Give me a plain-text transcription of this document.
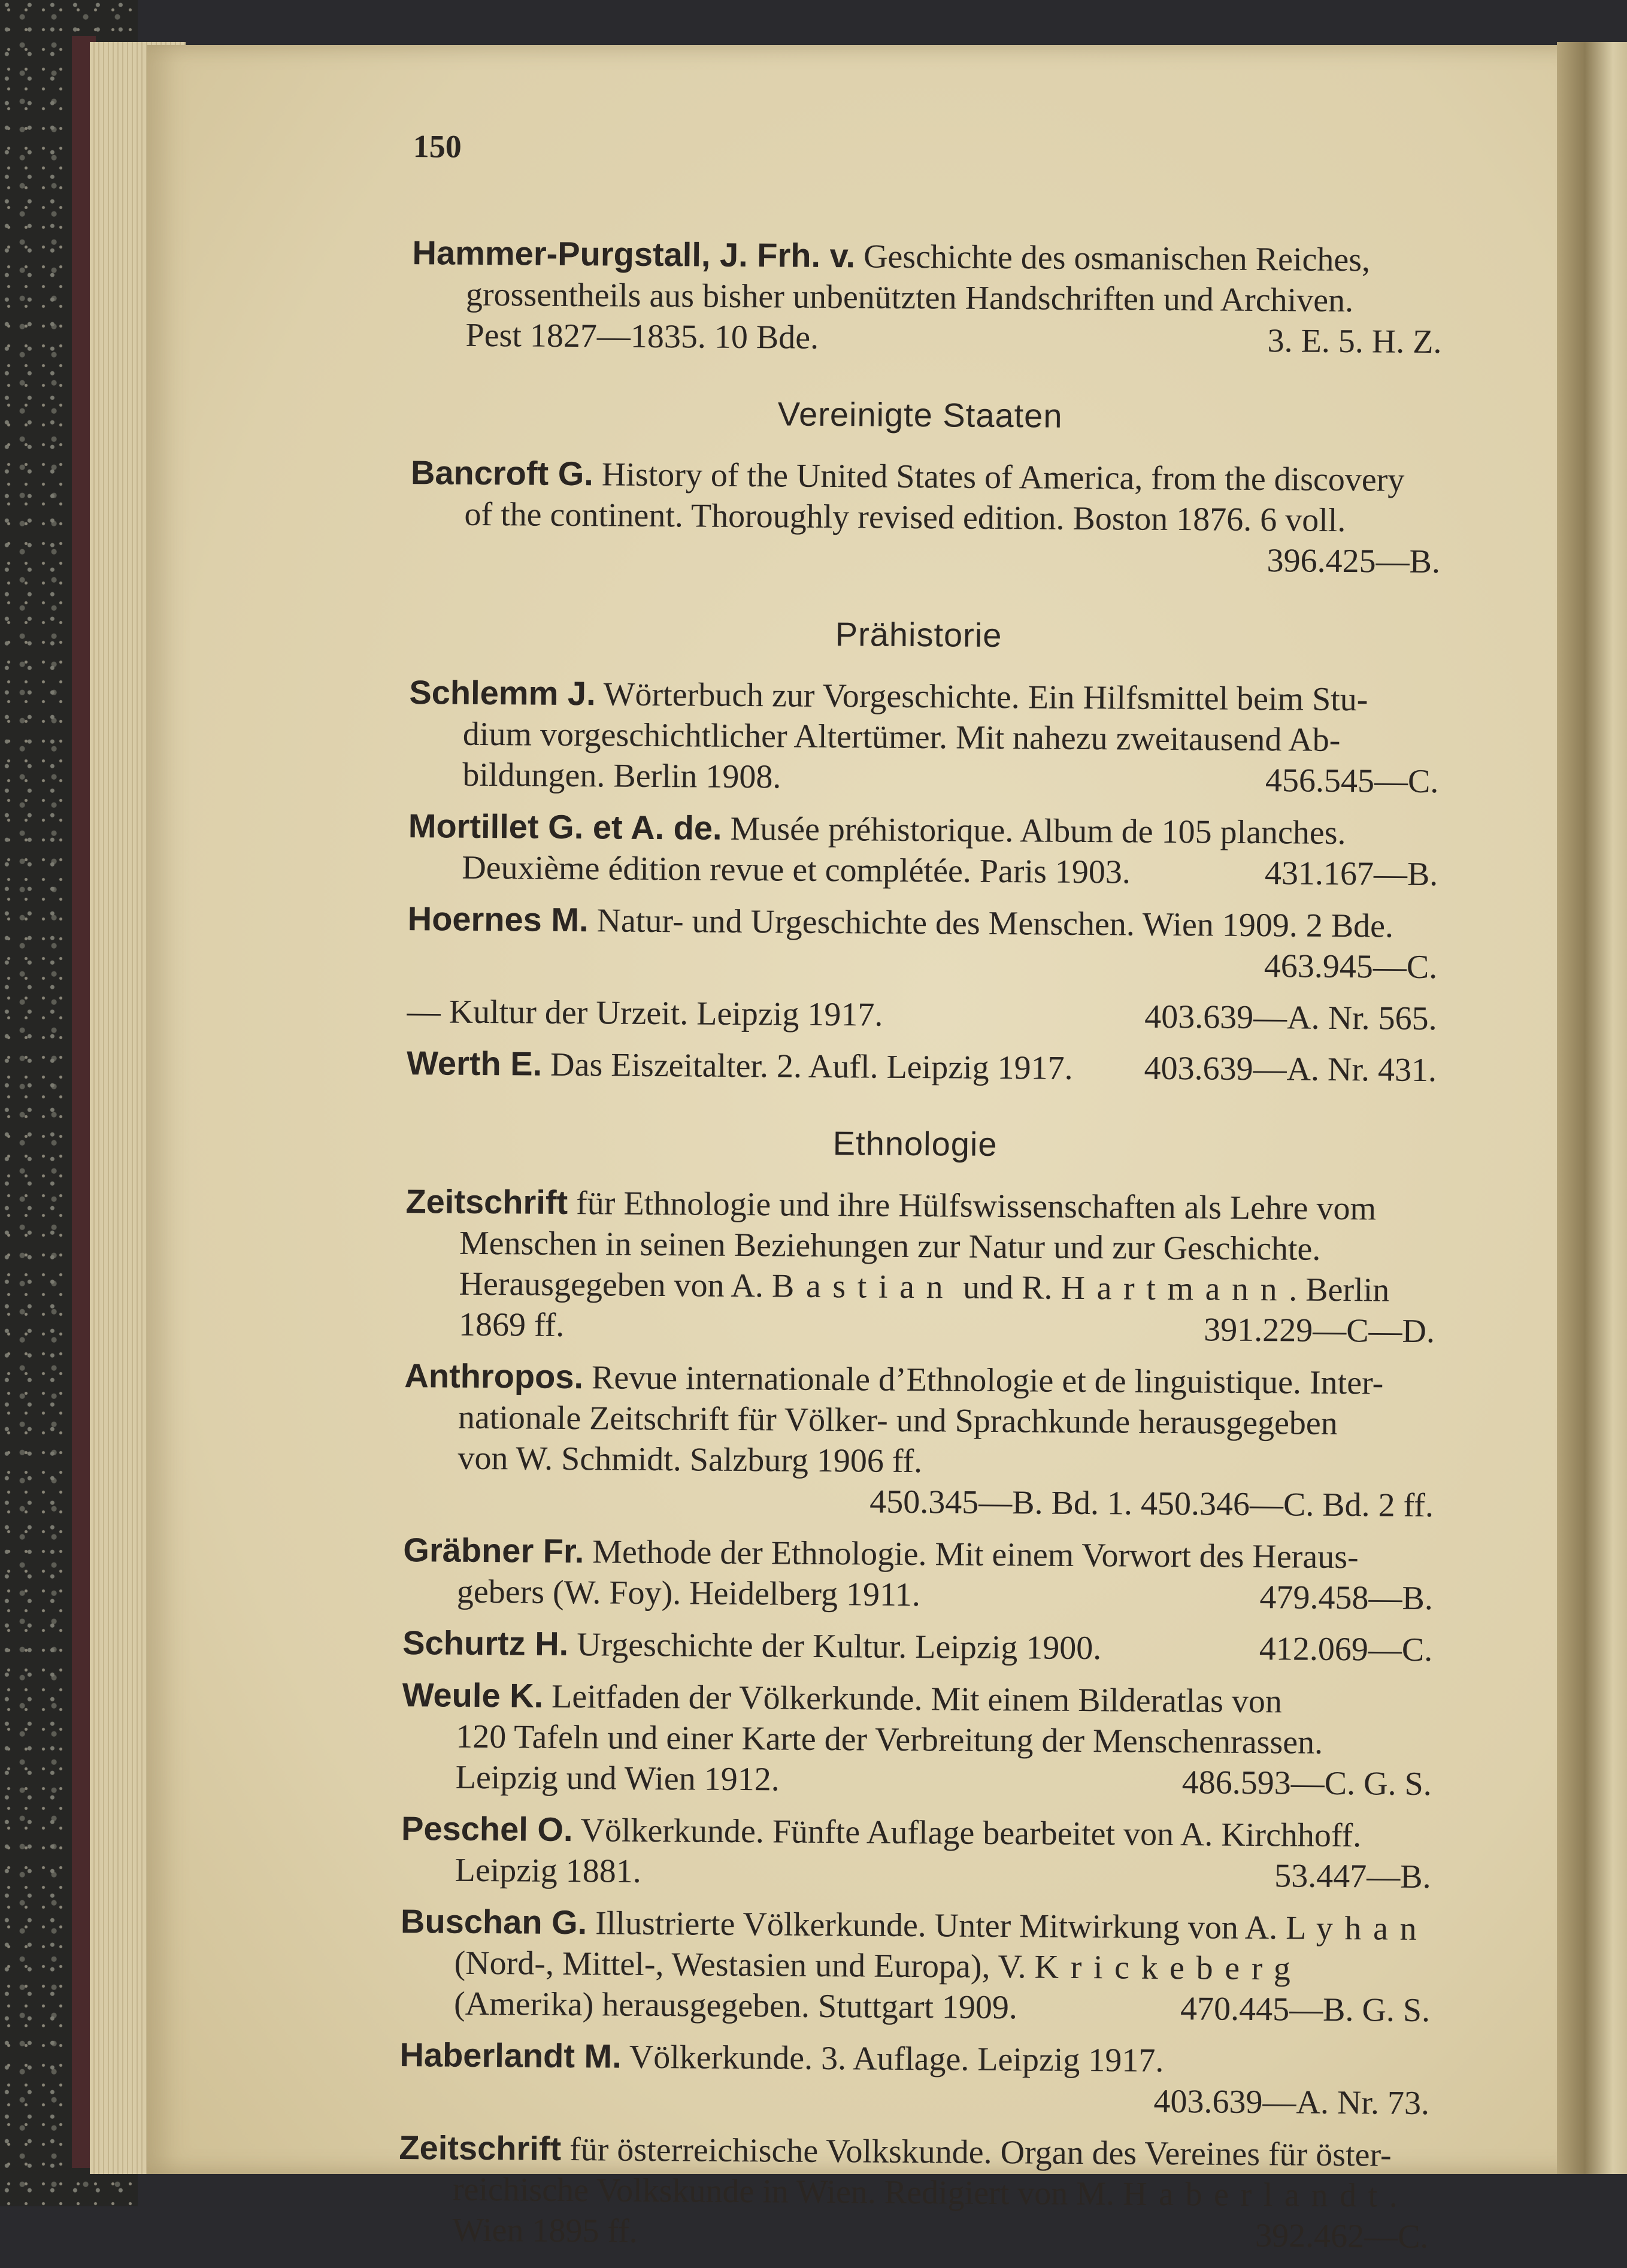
150
Hammer-Purgstall, J. Frh. v. Geschichte des osmanischen Reiches,
grossentheils aus bisher unbenützten Handschriften und Archiven.
Pest 1827—1835. 10 Bde.	3. E. 5. H. Z.
Vereinigte Staaten
Bancroft G. History of the United States of America, from the discovery
of the continent. Thoroughly revised edition. Boston 1876. 6 voll.
396.425—B.
Prähistorie
Schlemm J. Wörterbuch zur Vorgeschichte. Ein Hilfsmittel beim Stu-
dium vorgeschichtlicher Altertümer. Mit nahezu zweitausend Ab-
bildungen. Berlin 1908.	456.545—C.
Mortillet G. et A. de. Musée préhistorique. Album de 105 planches.
Deuxième édition revue et complétée. Paris 1903.	431.167—B.
Hoernes M. Natur- und Urgeschichte des Menschen. Wien 1909. 2 Bde.
463.945—C.
— Kultur der Urzeit. Leipzig 1917.	403.639—A. Nr. 565.
Werth E. Das Eiszeitalter. 2. Aufl. Leipzig 1917. 403.639—A. Nr. 431.
Ethnologie
Zeitschrift für Ethnologie und ihre Hülfswissenschaften als Lehre vom
Menschen in seinen Beziehungen zur Natur und zur Geschichte.
Herausgegeben von A. Bastian und R. Hartmann. Berlin
1869 ff.	391.229—C—D.
Anthropos. Revue internationale d’Ethnologie et de linguistique. Inter-
nationale Zeitschrift für Völker- und Sprachkunde herausgegeben
von W. Schmidt. Salzburg 1906 ff.
450.345—B. Bd. 1. 450.346—C. Bd. 2 ff.
Gräbner Fr. Methode der Ethnologie. Mit einem Vorwort des Heraus-
gebers (W. Foy). Heidelberg 1911.	479.458—B.
Schurtz H. Urgeschichte der Kultur. Leipzig 1900.	412.069—C.
Weule K. Leitfaden der Völkerkunde. Mit einem Bilderatlas von
120 Tafeln und einer Karte der Verbreitung der Menschenrassen.
Leipzig und Wien 1912.	486.593—C. G. S.
Peschel O. Völkerkunde. Fünfte Auflage bearbeitet von A. Kirchhoff.
Leipzig 1881.	53.447—B.
Buschan G. Illustrierte Völkerkunde. Unter Mitwirkung von A. Lyhan
(Nord-, Mittel-, Westasien und Europa), V. Krickeberg
(Amerika) herausgegeben. Stuttgart 1909.	470.445—B. G. S.
Haberlandt M. Völkerkunde. 3. Auflage. Leipzig 1917.
403.639—A. Nr. 73.
Zeitschrift für österreichische Volkskunde. Organ des Vereines für öster-
reichische Volkskunde in Wien. Redigiert von M. Haberlandt.
Wien 1895 ff.	392.462—C.
